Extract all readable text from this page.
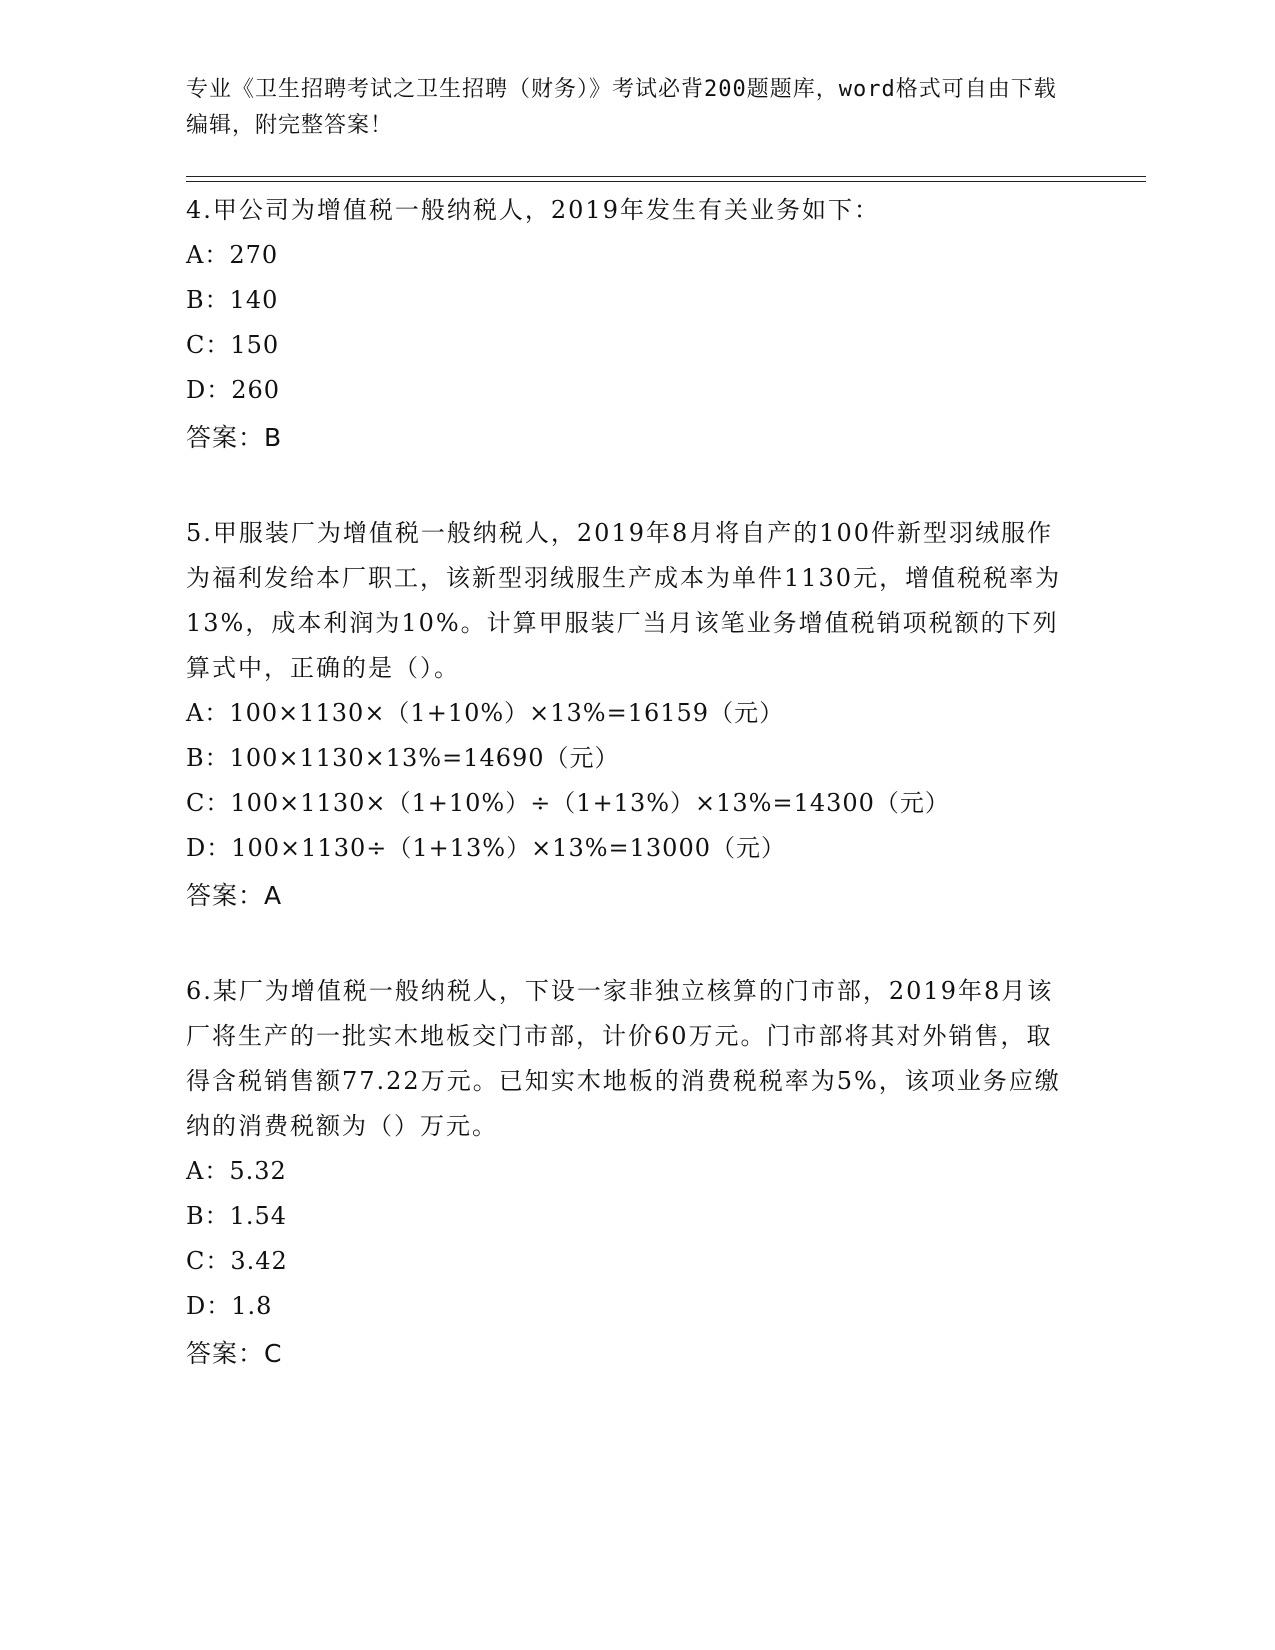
专业《卫生招聘考试之卫生招聘（财务）》考试必背200题题库，word格式可自由下载编辑，附完整答案！
4.甲公司为增值税一般纳税人，2019年发生有关业务如下：
A：270
B：140
C：150
D：260
答案：B
5.甲服装厂为增值税一般纳税人，2019年8月将自产的100件新型羽绒服作为福利发给本厂职工，该新型羽绒服生产成本为单件1130元，增值税税率为13%，成本利润为10%。计算甲服装厂当月该笔业务增值税销项税额的下列算式中，正确的是（）。
A：100×1130×（1+10%）×13%=16159（元）
B：100×1130×13%=14690（元）
C：100×1130×（1+10%）÷（1+13%）×13%=14300（元）
D：100×1130÷（1+13%）×13%=13000（元）
答案：A
6.某厂为增值税一般纳税人，下设一家非独立核算的门市部，2019年8月该厂将生产的一批实木地板交门市部，计价60万元。门市部将其对外销售，取得含税销售额77.22万元。已知实木地板的消费税税率为5%，该项业务应缴纳的消费税额为（）万元。
A：5.32
B：1.54
C：3.42
D：1.8
答案：C
